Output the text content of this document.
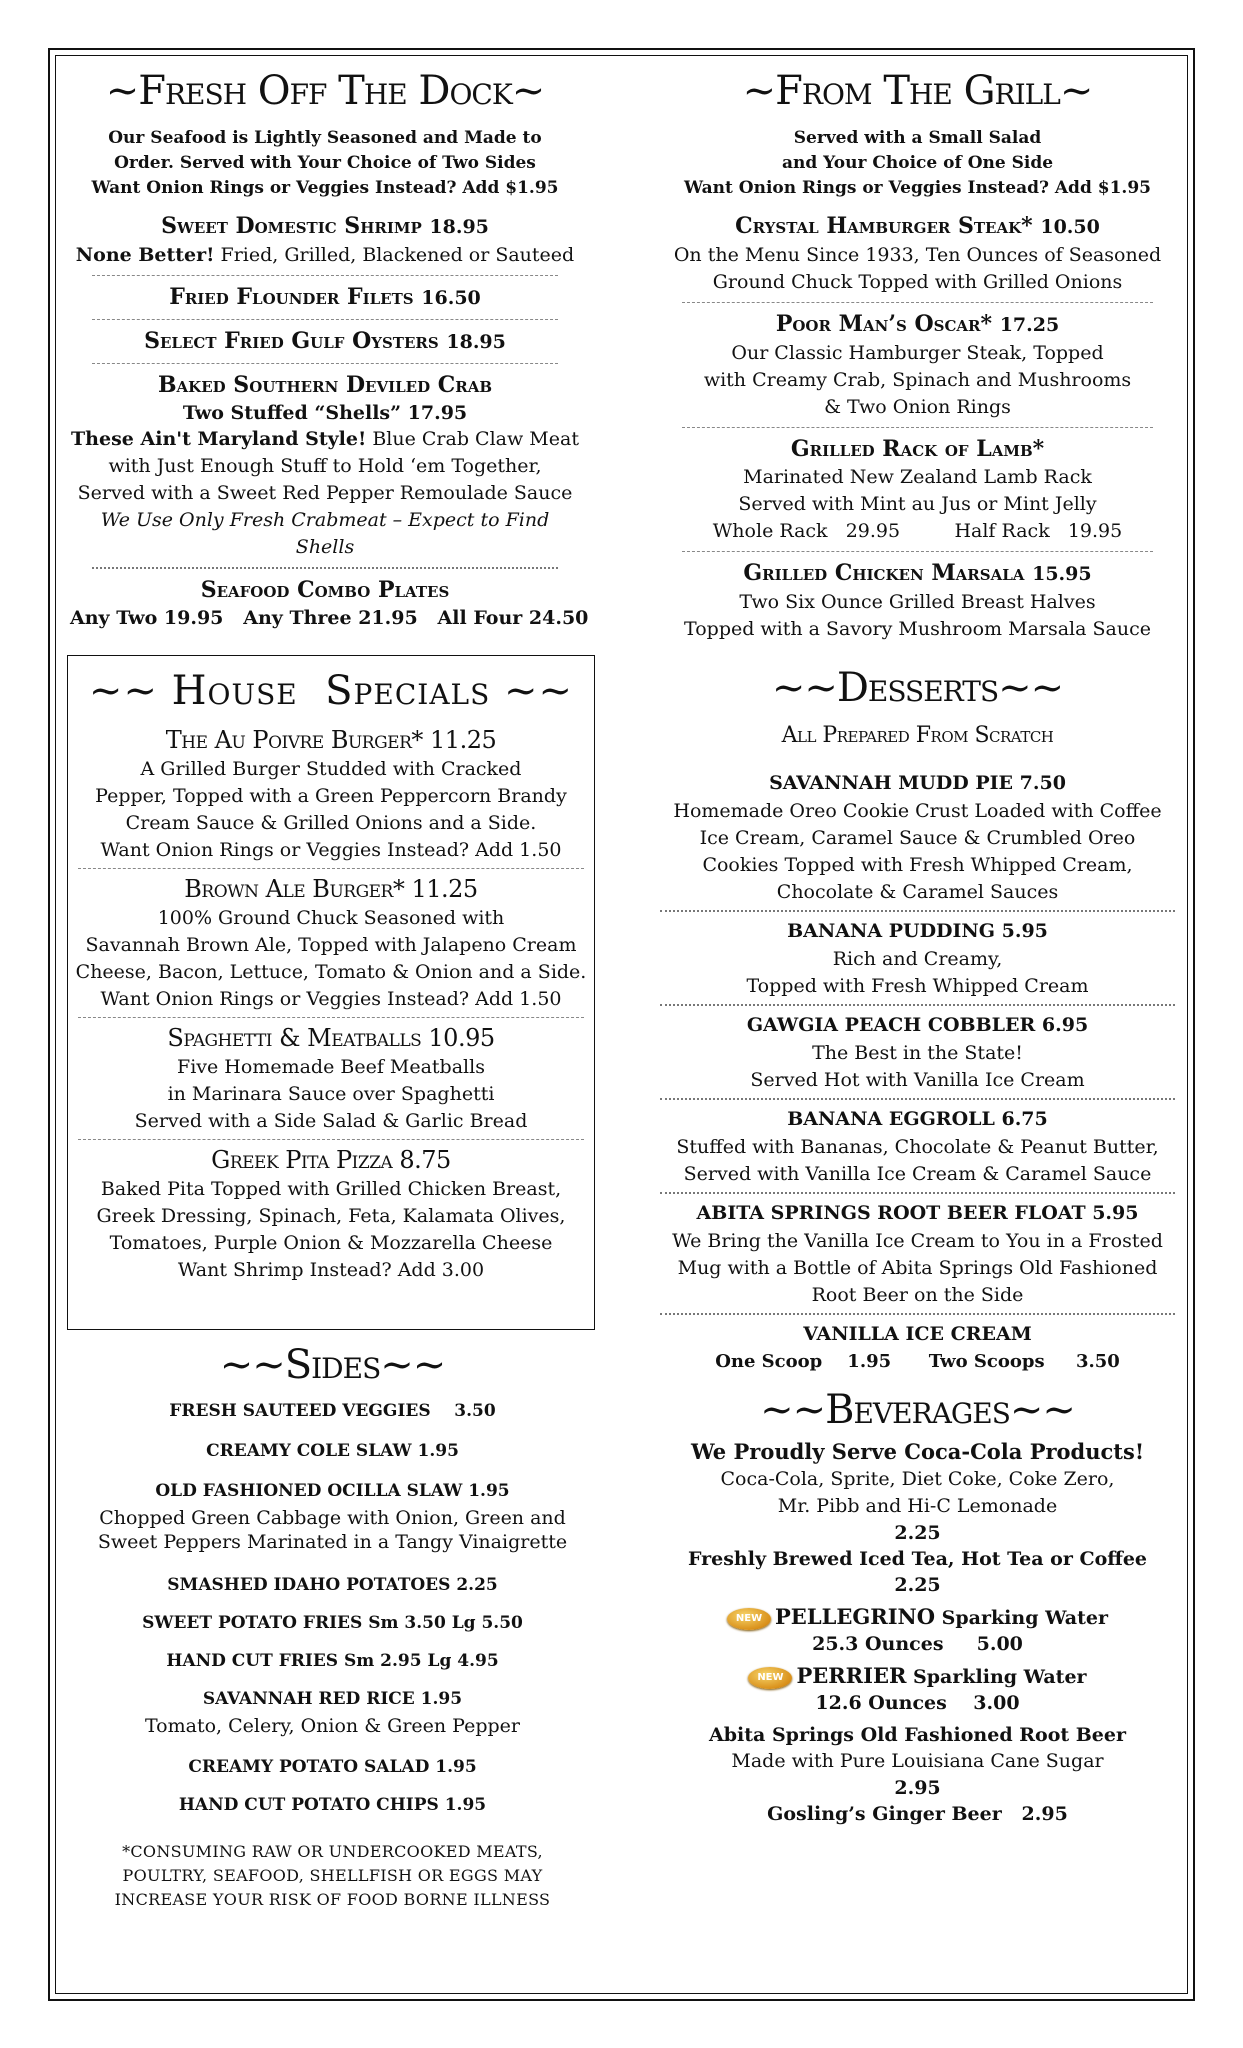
~Fresh Off The Dock~
Our Seafood is Lightly Seasoned and Made to
Order. Served with Your Choice of Two Sides
Want Onion Rings or Veggies Instead? Add $1.95
Sweet Domestic Shrimp 18.95
None Better! Fried, Grilled, Blackened or Sauteed
Fried Flounder Filets 16.50
Select Fried Gulf Oysters 18.95
Baked Southern Deviled Crab
Two Stuffed “Shells” 17.95
These Ain't Maryland Style! Blue Crab Claw Meat
with Just Enough Stuff to Hold ‘em Together,
Served with a Sweet Red Pepper Remoulade Sauce
We Use Only Fresh Crabmeat – Expect to Find Shells
Seafood Combo Plates
Any Two 19.95   Any Three 21.95   All Four 24.50
~~ House  Specials ~~
The Au Poivre Burger* 11.25
A Grilled Burger Studded with Cracked
Pepper, Topped with a Green Peppercorn Brandy
Cream Sauce & Grilled Onions and a Side.
Want Onion Rings or Veggies Instead? Add 1.50
Brown Ale Burger* 11.25
100% Ground Chuck Seasoned with
Savannah Brown Ale, Topped with Jalapeno Cream
Cheese, Bacon, Lettuce, Tomato & Onion and a Side.
Want Onion Rings or Veggies Instead? Add 1.50
Spaghetti & Meatballs 10.95
Five Homemade Beef Meatballs
in Marinara Sauce over Spaghetti
Served with a Side Salad & Garlic Bread
Greek Pita Pizza 8.75
Baked Pita Topped with Grilled Chicken Breast,
Greek Dressing, Spinach, Feta, Kalamata Olives,
Tomatoes, Purple Onion & Mozzarella Cheese
Want Shrimp Instead? Add 3.00
~~Sides~~
FRESH SAUTEED VEGGIES    3.50
CREAMY COLE SLAW 1.95
OLD FASHIONED OCILLA SLAW 1.95
Chopped Green Cabbage with Onion, Green and
Sweet Peppers Marinated in a Tangy Vinaigrette
SMASHED IDAHO POTATOES 2.25
SWEET POTATO FRIES Sm 3.50 Lg 5.50
HAND CUT FRIES Sm 2.95 Lg 4.95
SAVANNAH RED RICE 1.95
Tomato, Celery, Onion & Green Pepper
CREAMY POTATO SALAD 1.95
HAND CUT POTATO CHIPS 1.95
*CONSUMING RAW OR UNDERCOOKED MEATS,
POULTRY, SEAFOOD, SHELLFISH OR EGGS MAY
INCREASE YOUR RISK OF FOOD BORNE ILLNESS
~From The Grill~
Served with a Small Salad
and Your Choice of One Side
Want Onion Rings or Veggies Instead? Add $1.95
Crystal Hamburger Steak* 10.50
On the Menu Since 1933, Ten Ounces of Seasoned
Ground Chuck Topped with Grilled Onions
Poor Man’s Oscar* 17.25
Our Classic Hamburger Steak, Topped
with Creamy Crab, Spinach and Mushrooms
& Two Onion Rings
Grilled Rack of Lamb*
Marinated New Zealand Lamb Rack
Served with Mint au Jus or Mint Jelly
Whole Rack   29.95         Half Rack   19.95
Grilled Chicken Marsala 15.95
Two Six Ounce Grilled Breast Halves
Topped with a Savory Mushroom Marsala Sauce
~~Desserts~~
All Prepared From Scratch
SAVANNAH MUDD PIE 7.50
Homemade Oreo Cookie Crust Loaded with Coffee
Ice Cream, Caramel Sauce & Crumbled Oreo
Cookies Topped with Fresh Whipped Cream,
Chocolate & Caramel Sauces
BANANA PUDDING 5.95
Rich and Creamy,
Topped with Fresh Whipped Cream
GAWGIA PEACH COBBLER 6.95
The Best in the State!
Served Hot with Vanilla Ice Cream
BANANA EGGROLL 6.75
Stuffed with Bananas, Chocolate & Peanut Butter,
Served with Vanilla Ice Cream & Caramel Sauce
ABITA SPRINGS ROOT BEER FLOAT 5.95
We Bring the Vanilla Ice Cream to You in a Frosted
Mug with a Bottle of Abita Springs Old Fashioned
Root Beer on the Side
VANILLA ICE CREAM
One Scoop    1.95      Two Scoops     3.50
~~Beverages~~
We Proudly Serve Coca-Cola Products!
Coca-Cola, Sprite, Diet Coke, Coke Zero,
Mr. Pibb and Hi-C Lemonade
2.25
Freshly Brewed Iced Tea, Hot Tea or Coffee
2.25
NEW PELLEGRINO Sparking Water
25.3 Ounces     5.00
NEW PERRIER Sparkling Water
12.6 Ounces    3.00
Abita Springs Old Fashioned Root Beer
Made with Pure Louisiana Cane Sugar
2.95
Gosling’s Ginger Beer   2.95
